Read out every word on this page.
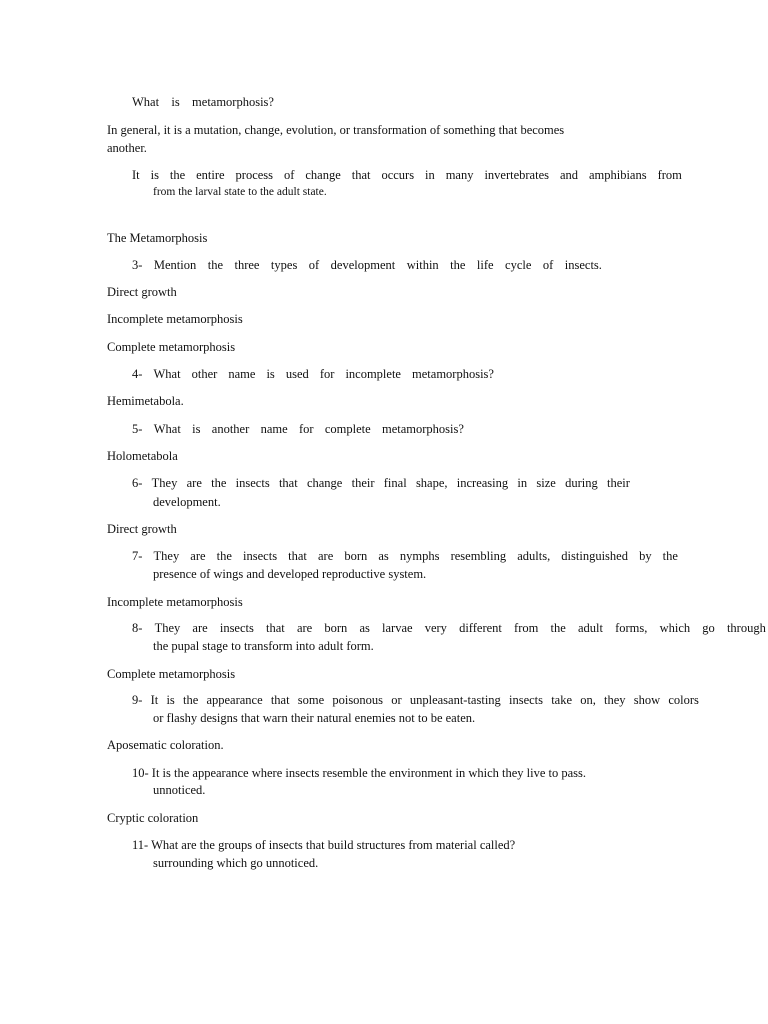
What is metamorphosis?
In general, it is a mutation, change, evolution, or transformation of something that becomes
another.
It is the entire process of change that occurs in many invertebrates and amphibians from
from the larval state to the adult state.
The Metamorphosis
3- Mention the three types of development within the life cycle of insects.
Direct growth
Incomplete metamorphosis
Complete metamorphosis
4- What other name is used for incomplete metamorphosis?
Hemimetabola.
5- What is another name for complete metamorphosis?
Holometabola
6- They are the insects that change their final shape, increasing in size during their
development.
Direct growth
7- They are the insects that are born as nymphs resembling adults, distinguished by the
presence of wings and developed reproductive system.
Incomplete metamorphosis
8- They are insects that are born as larvae very different from the adult forms, which go through
the pupal stage to transform into adult form.
Complete metamorphosis
9- It is the appearance that some poisonous or unpleasant-tasting insects take on, they show colors
or flashy designs that warn their natural enemies not to be eaten.
Aposematic coloration.
10- It is the appearance where insects resemble the environment in which they live to pass.
unnoticed.
Cryptic coloration
11- What are the groups of insects that build structures from material called?
surrounding which go unnoticed.
